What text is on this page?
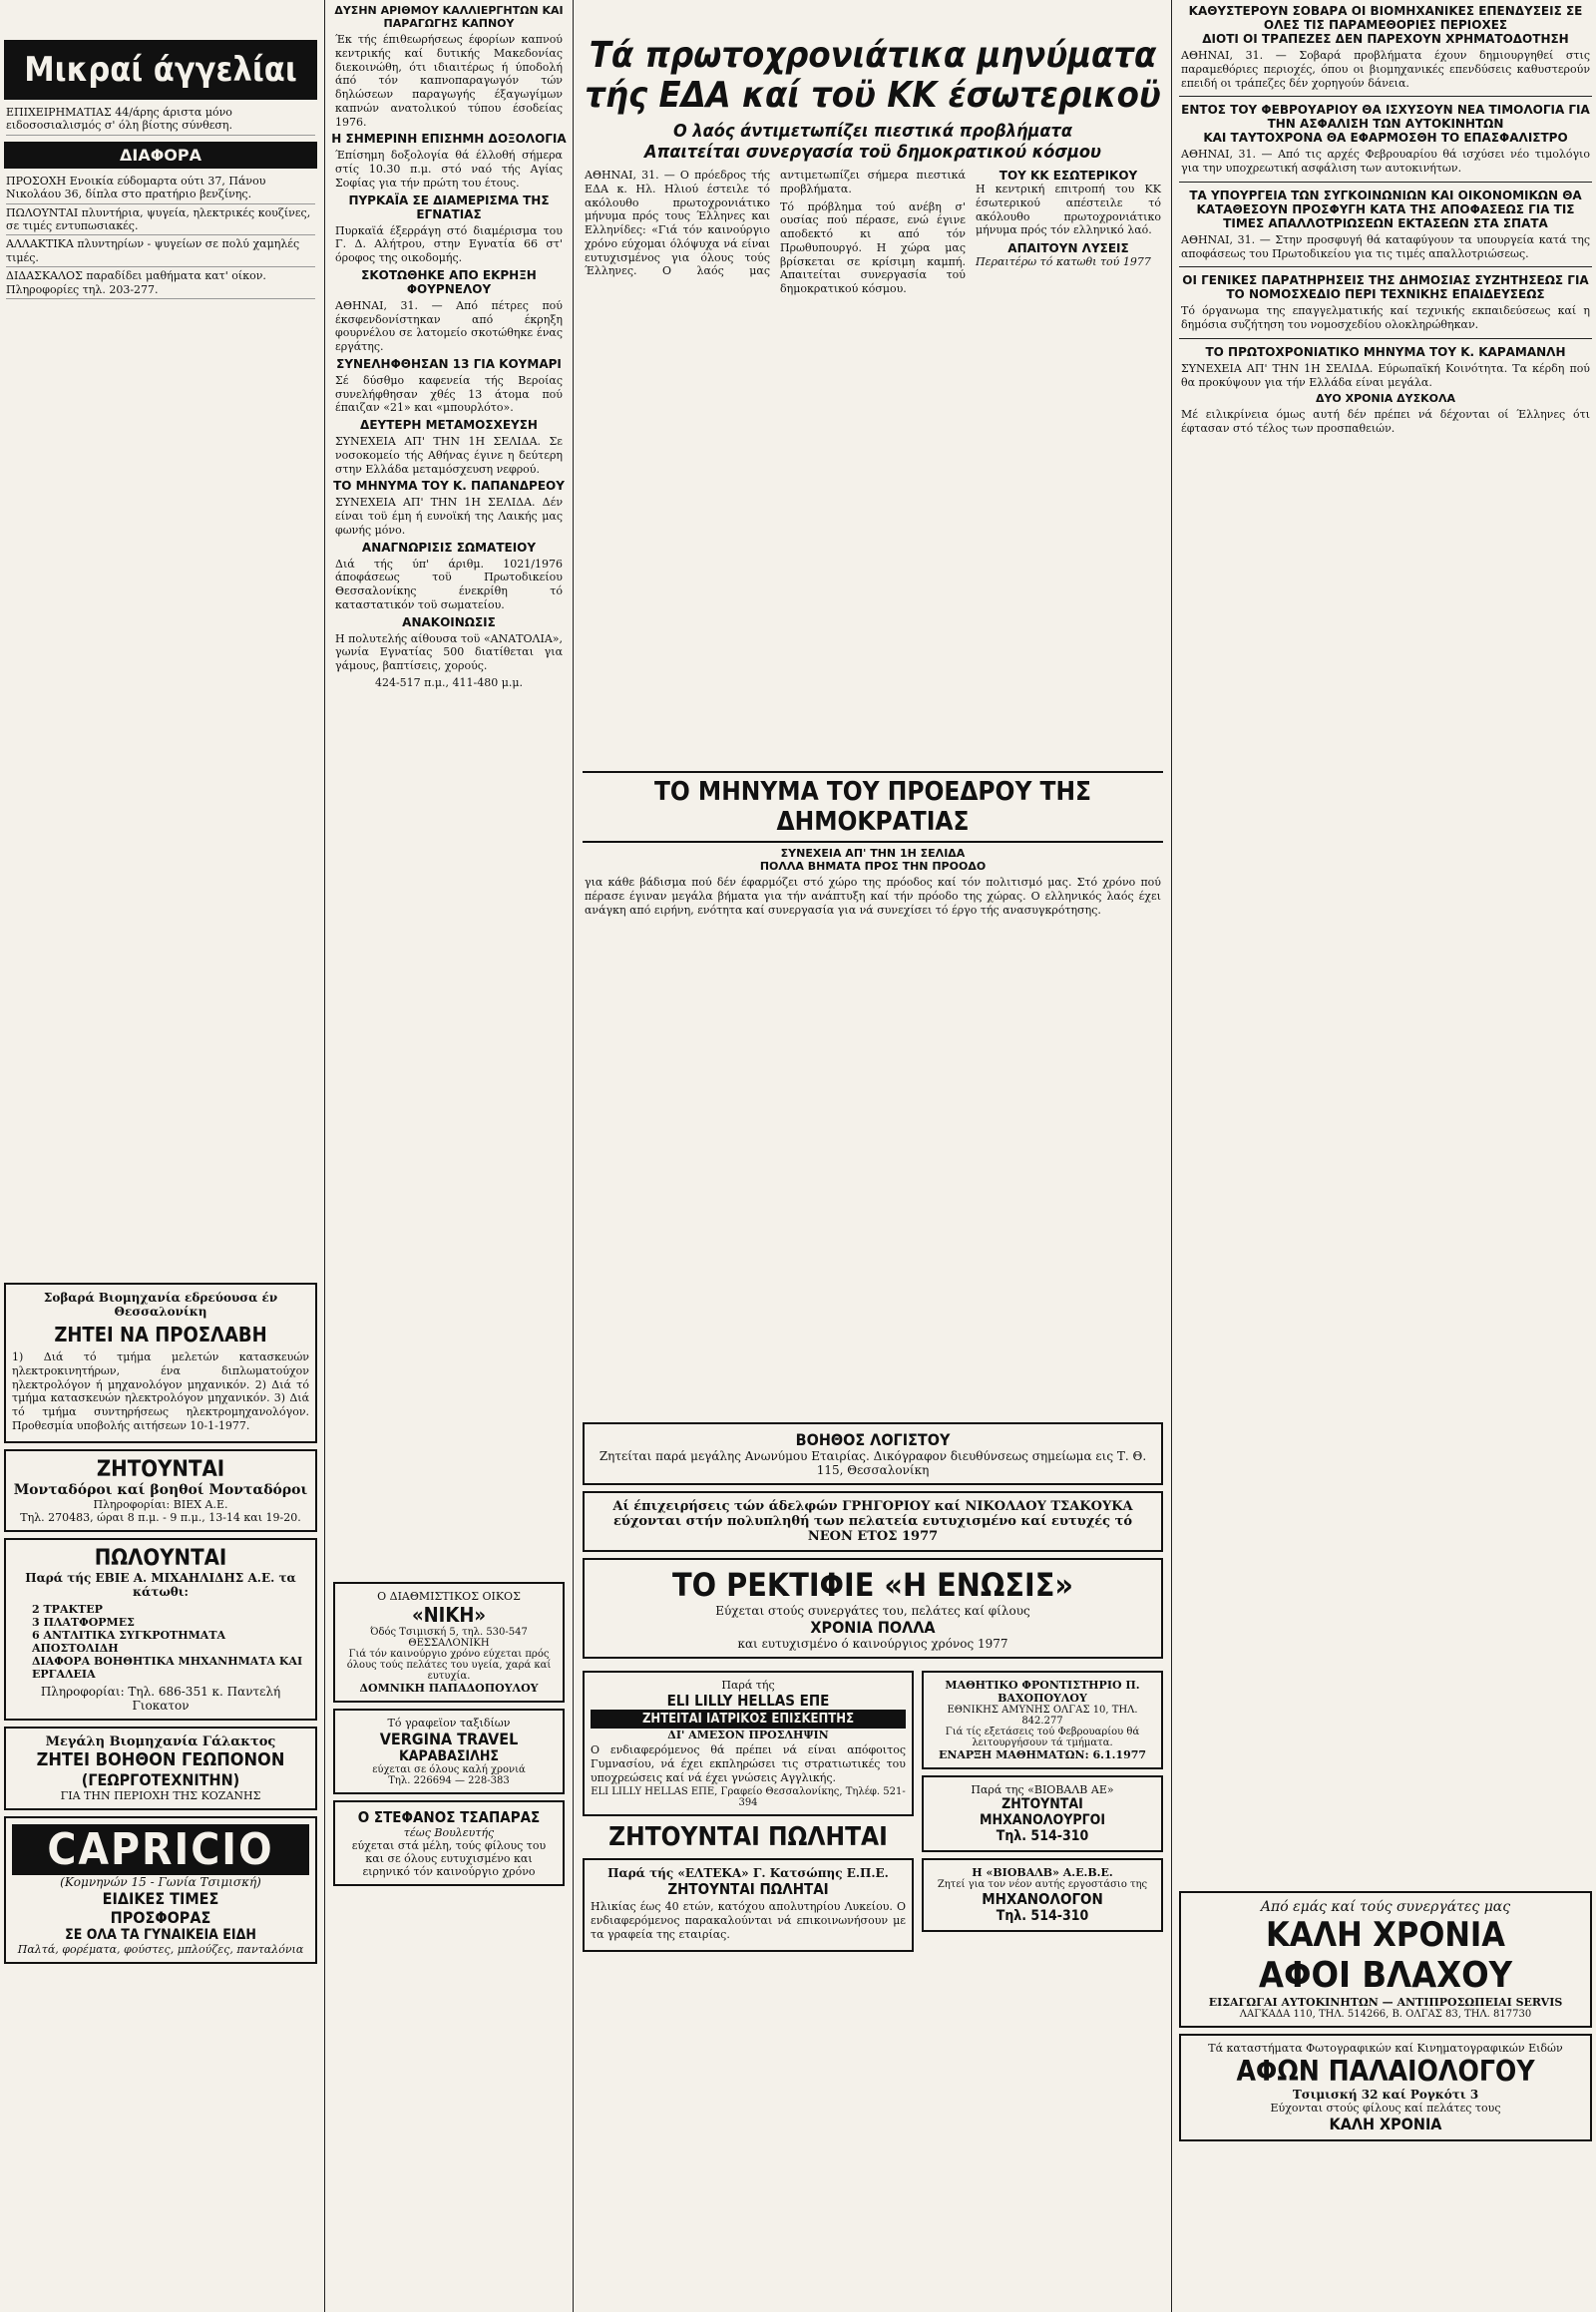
Μικραί άγγελίαι
ΕΠΙΧΕΙΡΗΜΑΤΙΑΣ 44/άρης άριστα μόνο ειδοσοσιαλισμός σ' όλη βίοτης σύνθεση.
ΔΙΑΦΟΡΑ
ΠΡΟΣΟΧΗ Ενοικία εύδομαρτα ούτι 37, Πάνου Νικολάου 36, δίπλα στο πρατήριο βενζίνης.
ΠΩΛΟΥΝΤΑΙ πλυντήρια, ψυγεία, ηλεκτρικές κουζίνες, σε τιμές εντυπωσιακές.
ΑΛΛΑΚΤΙΚΑ πλυντηρίων - ψυγείων σε πολύ χαμηλές τιμές.
ΔΙΔΑΣΚΑΛΟΣ παραδίδει μαθήματα κατ' οίκον. Πληροφορίες τηλ. 203-277.
Σοβαρά Βιομηχανία εδρεύουσα έν Θεσσαλονίκη
ΖΗΤΕΙ ΝΑ ΠΡΟΣΛΑΒΗ
1) Διά τό τμήμα μελετών κατασκευών ηλεκτροκινητήρων, ένα διπλωματούχον ηλεκτρολόγον ή μηχανολόγον μηχανικόν. 2) Διά τό τμήμα κατασκευών ηλεκτρολόγον μηχανικόν. 3) Διά τό τμήμα συντηρήσεως ηλεκτρομηχανολόγον. Προθεσμία υποβολής αιτήσεων 10-1-1977.
ΖΗΤΟΥΝΤΑΙ
Μονταδόροι καί βοηθοί Μονταδόροι
Πληροφορίαι: ΒΙΕΧ Α.Ε.
Τηλ. 270483, ώραι 8 π.μ. - 9 π.μ., 13-14 και 19-20.
ΠΩΛΟΥΝΤΑΙ
Παρά τής ΕΒΙΕ Α. ΜΙΧΑΗΛΙΔΗΣ Α.Ε. τα κάτωθι:
2 ΤΡΑΚΤΕΡ
3 ΠΛΑΤΦΟΡΜΕΣ
6 ΑΝΤΛΙΤΙΚΑ ΣΥΓΚΡΟΤΗΜΑΤΑ ΑΠΟΣΤΟΛΙΔΗ
ΔΙΑΦΟΡΑ ΒΟΗΘΗΤΙΚΑ ΜΗΧΑΝΗΜΑΤΑ ΚΑΙ ΕΡΓΑΛΕΙΑ
Πληροφορίαι: Τηλ. 686-351 κ. Παντελή Γιοκατον
Μεγάλη Βιομηχανία Γάλακτος
ΖΗΤΕΙ ΒΟΗΘΟΝ ΓΕΩΠΟΝΟΝ
(ΓΕΩΡΓΟΤΕΧΝΙΤΗΝ)
ΓΙΑ ΤΗΝ ΠΕΡΙΟΧΗ ΤΗΣ ΚΟΖΑΝΗΣ
CAPRICIO
(Κομνηνών 15 - Γωνία Τσιμισκή)
ΕΙΔΙΚΕΣ ΤΙΜΕΣ
ΠΡΟΣΦΟΡΑΣ
ΣΕ ΟΛΑ ΤΑ ΓΥΝΑΙΚΕΙΑ ΕΙΔΗ
Παλτά, φορέματα, φούστες, μπλούζες, πανταλόνια
ΔΥΣΗΝ ΑΡΙΘΜΟΥ ΚΑΛΛΙΕΡΓΗΤΩΝ ΚΑΙ ΠΑΡΑΓΩΓΗΣ ΚΑΠΝΟΥ
Έκ τής έπιθεωρήσεως έφορίων καπνού κεντρικής καί δυτικής Μακεδονίας διεκοινώθη, ότι ιδιαιτέρως ή ύποδολή άπό τόν καπνοπαραγωγόν τών δηλώσεων παραγωγής έξαγωγίμων καπνών ανατολικού τύπου έσοδείας 1976.
Η ΣΗΜΕΡΙΝΗ ΕΠΙΣΗΜΗ ΔΟΞΟΛΟΓΙΑ
Έπίσημη δοξολογία θά έλλοθή σήμερα στίς 10.30 π.μ. στό ναό τής Αγίας Σοφίας για τήν πρώτη του έτους.
ΠΥΡΚΑΪΑ ΣΕ ΔΙΑΜΕΡΙΣΜΑ ΤΗΣ ΕΓΝΑΤΙΑΣ
Πυρκαϊά έξερράγη στό διαμέρισμα του Γ. Δ. Αλήτρου, στην Εγνατία 66 στ' όροφος της οικοδομής.
ΣΚΟΤΩΘΗΚΕ ΑΠΟ ΕΚΡΗΞΗ ΦΟΥΡΝΕΛΟΥ
ΑΘΗΝΑΙ, 31. — Από πέτρες πού έκσφενδονίστηκαν από έκρηξη φουρνέλου σε λατομείο σκοτώθηκε ένας εργάτης.
ΣΥΝΕΛΗΦΘΗΣΑΝ 13 ΓΙΑ ΚΟΥΜΑΡΙ
Σέ δύσθμο καφενεία τής Βεροίας συνελήφθησαν χθές 13 άτομα πού έπαιζαν «21» και «μπουρλότο».
ΔΕΥΤΕΡΗ ΜΕΤΑΜΟΣΧΕΥΣΗ
ΣΥΝΕΧΕΙΑ ΑΠ' ΤΗΝ 1Η ΣΕΛΙΔΑ. Σε νοσοκομείο τής Αθήνας έγινε η δεύτερη στην Ελλάδα μεταμόσχευση νεφρού.
ΤΟ ΜΗΝΥΜΑ ΤΟΥ Κ. ΠΑΠΑΝΔΡΕΟΥ
ΣΥΝΕΧΕΙΑ ΑΠ' ΤΗΝ 1Η ΣΕΛΙΔΑ. Δέν είναι τοϋ έμη ή ευνοϊκή της Λαικής μας φωνής μόνο.
ΑΝΑΓΝΩΡΙΣΙΣ ΣΩΜΑΤΕΙΟΥ
Διά τής ύπ' άριθμ. 1021/1976 άποφάσεως τοϋ Πρωτοδικείου Θεσσαλονίκης ένεκρίθη τό καταστατικόν τοϋ σωματείου.
ΑΝΑΚΟΙΝΩΣΙΣ
Η πολυτελής αίθουσα τοϋ «ΑΝΑΤΟΛΙΑ», γωνία Εγνατίας 500 διατίθεται για γάμους, βαπτίσεις, χορούς.
424-517 π.μ., 411-480 μ.μ.
Ο ΔΙΑΘΜΙΣΤΙΚΟΣ ΟΙΚΟΣ
«ΝΙΚΗ»
Όδός Τσιμισκή 5, τηλ. 530-547 ΘΕΣΣΑΛΟΝΙΚΗ
Γιά τόν καινούργιο χρόνο εύχεται πρός όλους τούς πελάτες του υγεία, χαρά καί ευτυχία.
ΔΟΜΝΙΚΗ ΠΑΠΑΔΟΠΟΥΛΟΥ
Τό γραφεϊον ταξιδίων
VERGINA TRAVEL
ΚΑΡΑΒΑΣΙΛΗΣ
εύχεται σε όλους καλή χρονιά
Τηλ. 226694 — 228-383
Ο ΣΤΕΦΑΝΟΣ ΤΣΑΠΑΡΑΣ
τέως Βουλευτής
εύχεται στά μέλη, τούς φίλους του και σε όλους ευτυχισμένο και ειρηνικό τόν καινούργιο χρόνο
Τά πρωτοχρονιάτικα μηνύματα τής ΕΔΑ καί τοϋ ΚΚ έσωτερικοϋ
Ο λαός άντιμετωπίζει πιεστικά προβλήματα
Απαιτείται συνεργασία τοϋ δημοκρατικού κόσμου
ΑΘΗΝΑΙ, 31. — Ο πρόεδρος τής ΕΔΑ κ. Ηλ. Ηλιού έστειλε τό ακόλουθο πρωτοχρονιάτικο μήνυμα πρός τους Έλληνες και Ελληνίδες: «Γιά τόν καινούργιο χρόνο εύχομαι όλόψυχα νά είναι ευτυχισμένος για όλους τούς Έλληνες. Ο λαός μας αντιμετωπίζει σήμερα πιεστικά προβλήματα.
Τό πρόβλημα τού ανέβη σ' ουσίας πού πέρασε, ενώ έγινε αποδεκτό κι από τόν Πρωθυπουργό. Η χώρα μας βρίσκεται σε κρίσιμη καμπή. Απαιτείται συνεργασία τού δημοκρατικού κόσμου.
ΤΟΥ ΚΚ ΕΣΩΤΕΡΙΚΟΥ
Η κεντρική επιτροπή του ΚΚ έσωτερικού απέστειλε τό ακόλουθο πρωτοχρονιάτικο μήνυμα πρός τόν ελληνικό λαό.
ΑΠΑΙΤΟΥΝ ΛΥΣΕΙΣ
Περαιτέρω τό κατωθι τού 1977
ΤΟ ΜΗΝΥΜΑ ΤΟΥ ΠΡΟΕΔΡΟΥ ΤΗΣ ΔΗΜΟΚΡΑΤΙΑΣ
ΣΥΝΕΧΕΙΑ ΑΠ' ΤΗΝ 1Η ΣΕΛΙΔΑ
ΠΟΛΛΑ ΒΗΜΑΤΑ ΠΡΟΣ ΤΗΝ ΠΡΟΟΔΟ
για κάθε βάδισμα πού δέν έφαρμόζει στό χώρο της πρόοδος καί τόν πολιτισμό μας. Στό χρόνο πού πέρασε έγιναν μεγάλα βήματα για τήν ανάπτυξη καί τήν πρόοδο της χώρας. Ο ελληνικός λαός έχει ανάγκη από ειρήνη, ενότητα καί συνεργασία για νά συνεχίσει τό έργο τής ανασυγκρότησης.
ΒΟΗΘΟΣ ΛΟΓΙΣΤΟΥ
Ζητείται παρά μεγάλης Ανωνύμου Εταιρίας. Δικόγραφον διευθύνσεως σημείωμα εις Τ. Θ. 115, Θεσσαλονίκη
Αί έπιχειρήσεις τών άδελφών ΓΡΗΓΟΡΙΟΥ καί ΝΙΚΟΛΑΟΥ ΤΣΑΚΟΥΚΑ εύχονται στήν πολυπληθή των πελατεία ευτυχισμένο καί ευτυχές τό ΝΕΟΝ ΕΤΟΣ 1977
ΤΟ ΡΕΚΤΙΦΙΕ «Η ΕΝΩΣΙΣ»
Εύχεται στούς συνεργάτες του, πελάτες καί φίλους
ΧΡΟΝΙΑ ΠΟΛΛΑ
και ευτυχισμένο ό καινούργιος χρόνος 1977
Παρά τής
ELI LILLY HELLAS ΕΠΕ
ΖΗΤΕΙΤΑΙ ΙΑΤΡΙΚΟΣ ΕΠΙΣΚΕΠΤΗΣ
ΔΙ' ΑΜΕΣΟΝ ΠΡΟΣΛΗΨΙΝ
Ο ενδιαφερόμενος θά πρέπει νά είναι απόφοιτος Γυμνασίου, νά έχει εκπληρώσει τις στρατιωτικές του υποχρεώσεις καί νά έχει γνώσεις Αγγλικής.
ELI LILLY HELLAS ΕΠΕ, Γραφείο Θεσσαλονίκης, Τηλέφ. 521-394
ΖΗΤΟΥΝΤΑΙ ΠΩΛΗΤΑΙ
Παρά τής «ΕΛΤΕΚΑ» Γ. Κατσώπης Ε.Π.Ε.
ΖΗΤΟΥΝΤΑΙ ΠΩΛΗΤΑΙ
Ηλικίας έως 40 ετών, κατόχου απολυτηρίου Λυκείου. Ο ενδιαφερόμενος παρακαλούνται νά επικοινωνήσουν με τα γραφεία της εταιρίας.
ΜΑΘΗΤΙΚΟ ΦΡΟΝΤΙΣΤΗΡΙΟ Π. ΒΑΧΟΠΟΥΛΟΥ
ΕΘΝΙΚΗΣ ΑΜΥΝΗΣ ΟΛΓΑΣ 10, ΤΗΛ. 842.277
Γιά τίς εξετάσεις τού Φεβρουαρίου θά λειτουργήσουν τά τμήματα.
ΕΝΑΡΞΗ ΜΑΘΗΜΑΤΩΝ: 6.1.1977
Παρά της «ΒΙΟΒΑΛΒ ΑΕ»
ΖΗΤΟΥΝΤΑΙ
ΜΗΧΑΝΟΛΟΥΡΓΟΙ
Τηλ. 514-310
Η «ΒΙΟΒΑΛΒ» Α.Ε.Β.Ε.
Ζητεί για τον νέον αυτής εργοστάσιο της
ΜΗΧΑΝΟΛΟΓΟΝ
Τηλ. 514-310
ΚΑΘΥΣΤΕΡΟΥΝ ΣΟΒΑΡΑ ΟΙ ΒΙΟΜΗΧΑΝΙΚΕΣ ΕΠΕΝΔΥΣΕΙΣ ΣΕ ΟΛΕΣ ΤΙΣ ΠΑΡΑΜΕΘΟΡΙΕΣ ΠΕΡΙΟΧΕΣ
ΔΙΟΤΙ ΟΙ ΤΡΑΠΕΖΕΣ ΔΕΝ ΠΑΡΕΧΟΥΝ ΧΡΗΜΑΤΟΔΟΤΗΣΗ
ΑΘΗΝΑΙ, 31. — Σοβαρά προβλήματα έχουν δημιουργηθεί στις παραμεθόριες περιοχές, όπου οι βιομηχανικές επενδύσεις καθυστερούν επειδή οι τράπεζες δέν χορηγούν δάνεια.
ΕΝΤΟΣ ΤΟΥ ΦΕΒΡΟΥΑΡΙΟΥ ΘΑ ΙΣΧΥΣΟΥΝ ΝΕΑ ΤΙΜΟΛΟΓΙΑ ΓΙΑ ΤΗΝ ΑΣΦΑΛΙΣΗ ΤΩΝ ΑΥΤΟΚΙΝΗΤΩΝ
ΚΑΙ ΤΑΥΤΟΧΡΟΝΑ ΘΑ ΕΦΑΡΜΟΣΘΗ ΤΟ ΕΠΑΣΦΑΛΙΣΤΡΟ
ΑΘΗΝΑΙ, 31. — Από τις αρχές Φεβρουαρίου θά ισχύσει νέο τιμολόγιο για την υποχρεωτική ασφάλιση των αυτοκινήτων.
ΤΑ ΥΠΟΥΡΓΕΙΑ ΤΩΝ ΣΥΓΚΟΙΝΩΝΙΩΝ ΚΑΙ ΟΙΚΟΝΟΜΙΚΩΝ ΘΑ ΚΑΤΑΘΕΣΟΥΝ ΠΡΟΣΦΥΓΗ ΚΑΤΑ ΤΗΣ ΑΠΟΦΑΣΕΩΣ ΓΙΑ ΤΙΣ ΤΙΜΕΣ ΑΠΑΛΛΟΤΡΙΩΣΕΩΝ ΕΚΤΑΣΕΩΝ ΣΤΑ ΣΠΑΤΑ
ΑΘΗΝΑΙ, 31. — Στην προσφυγή θά καταφύγουν τα υπουργεία κατά της αποφάσεως του Πρωτοδικείου για τις τιμές απαλλοτριώσεως.
ΟΙ ΓΕΝΙΚΕΣ ΠΑΡΑΤΗΡΗΣΕΙΣ ΤΗΣ ΔΗΜΟΣΙΑΣ ΣΥΖΗΤΗΣΕΩΣ ΓΙΑ ΤΟ ΝΟΜΟΣΧΕΔΙΟ ΠΕΡΙ ΤΕΧΝΙΚΗΣ ΕΠΑΙΔΕΥΣΕΩΣ
Τό όργανωμα της επαγγελματικής καί τεχνικής εκπαιδεύσεως καί η δημόσια συζήτηση του νομοσχεδίου ολοκληρώθηκαν.
ΤΟ ΠΡΩΤΟΧΡΟΝΙΑΤΙΚΟ ΜΗΝΥΜΑ ΤΟΥ Κ. ΚΑΡΑΜΑΝΛΗ
ΣΥΝΕΧΕΙΑ ΑΠ' ΤΗΝ 1Η ΣΕΛΙΔΑ. Εύρωπαϊκή Κοινότητα. Τα κέρδη πού θα προκύψουν για τήν Ελλάδα είναι μεγάλα.
ΔΥΟ ΧΡΟΝΙΑ ΔΥΣΚΟΛΑ
Μέ ειλικρίνεια όμως αυτή δέν πρέπει νά δέχονται οί Έλληνες ότι έφτασαν στό τέλος των προσπαθειών.
Από εμάς καί τούς συνεργάτες μας
ΚΑΛΗ ΧΡΟΝΙΑ
ΑΦΟΙ ΒΛΑΧΟΥ
ΕΙΣΑΓΩΓΑΙ ΑΥΤΟΚΙΝΗΤΩΝ — ΑΝΤΙΠΡΟΣΩΠΕΙΑΙ SERVIS
ΛΑΓΚΑΔΑ 110, ΤΗΛ. 514266, Β. ΟΛΓΑΣ 83, ΤΗΛ. 817730
Τά καταστήματα Φωτογραφικών καί Κινηματογραφικών Ειδών
ΑΦΩΝ ΠΑΛΑΙΟΛΟΓΟΥ
Τσιμισκή 32 καί Ρογκότι 3
Εύχονται στούς φίλους καί πελάτες τους
ΚΑΛΗ ΧΡΟΝΙΑ
